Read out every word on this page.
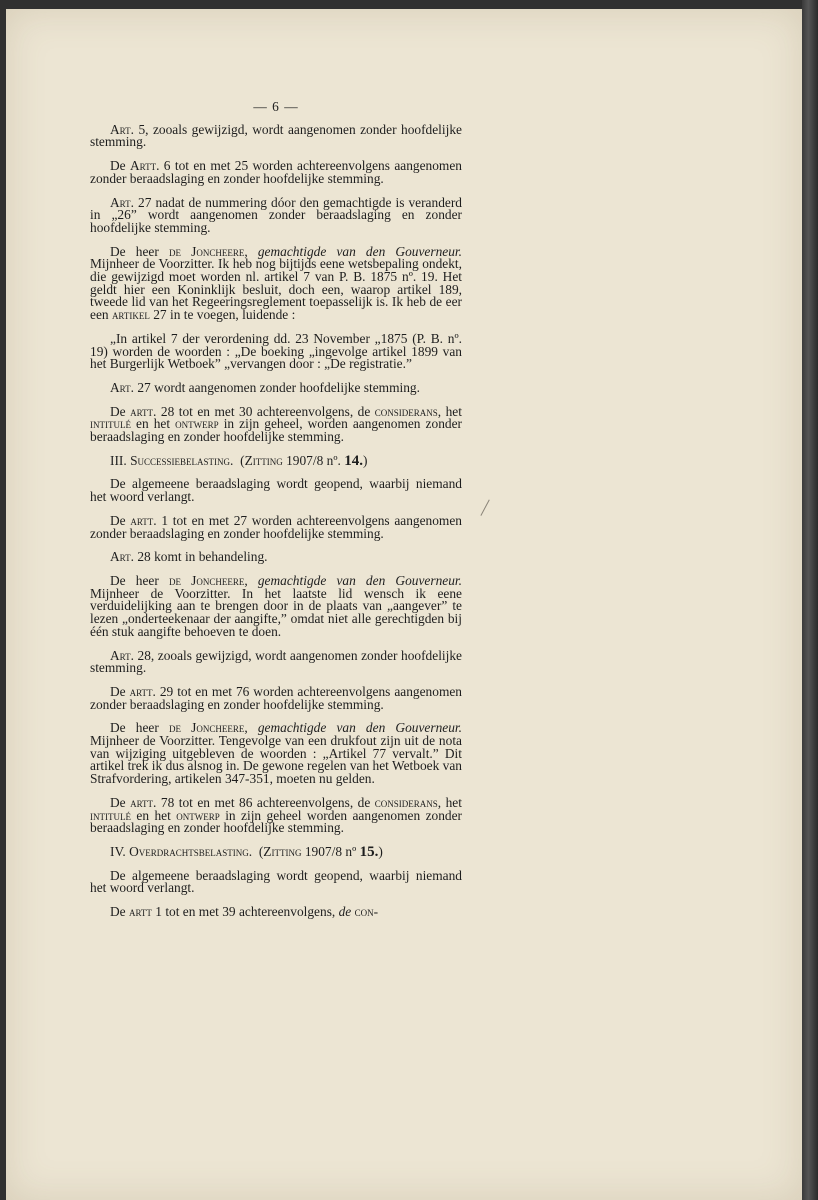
— 6 —

Art. 5, zooals gewijzigd, wordt aangenomen zonder hoofdelijke stemming.

De Artt. 6 tot en met 25 worden achtereenvolgens aangenomen zonder beraadslaging en zonder hoofdelijke stemming.

Art. 27 nadat de nummering dóor den gemachtigde is veranderd in „26” wordt aangenomen zonder beraadslaging en zonder hoofdelijke stemming.

De heer de Joncheere, gemachtigde van den Gouverneur. Mijnheer de Voorzitter. Ik heb nog bijtijds eene wetsbepaling ondekt, die gewijzigd moet worden nl. artikel 7 van P. B. 1875 nº. 19. Het geldt hier een Koninklijk besluit, doch een, waarop artikel 189, tweede lid van het Regeeringsreglement toepasselijk is. Ik heb de eer een artikel 27 in te voegen, luidende :

„In artikel 7 der verordening dd. 23 November „1875 (P. B. nº. 19) worden de woorden : „De boeking „ingevolge artikel 1899 van het Burgerlijk Wetboek” „vervangen door : „De registratie.”

Art. 27 wordt aangenomen zonder hoofdelijke stemming.

De artt. 28 tot en met 30 achtereenvolgens, de considerans, het intitulé en het ontwerp in zijn geheel, worden aangenomen zonder beraadslaging en zonder hoofdelijke stemming.

III. Successiebelasting. (Zitting 1907/8 nº. 14.)

De algemeene beraadslaging wordt geopend, waarbij niemand het woord verlangt.

De artt. 1 tot en met 27 worden achtereenvolgens aangenomen zonder beraadslaging en zonder hoofdelijke stemming.

Art. 28 komt in behandeling.

De heer de Joncheere, gemachtigde van den Gouverneur. Mijnheer de Voorzitter. In het laatste lid wensch ik eene verduidelijking aan te brengen door in de plaats van „aangever” te lezen „onderteekenaar der aangifte,” omdat niet alle gerechtigden bij één stuk aangifte behoeven te doen.

Art. 28, zooals gewijzigd, wordt aangenomen zonder hoofdelijke stemming.

De artt. 29 tot en met 76 worden achtereenvolgens aangenomen zonder beraadslaging en zonder hoofdelijke stemming.

De heer de Joncheere, gemachtigde van den Gouverneur. Mijnheer de Voorzitter. Tengevolge van een drukfout zijn uit de nota van wijziging uitgebleven de woorden : „Artikel 77 vervalt.” Dit artikel trek ik dus alsnog in. De gewone regelen van het Wetboek van Strafvordering, artikelen 347-351, moeten nu gelden.

De artt. 78 tot en met 86 achtereenvolgens, de considerans, het intitulé en het ontwerp in zijn geheel worden aangenomen zonder beraadslaging en zonder hoofdelijke stemming.

IV. Overdrachtsbelasting. (Zitting 1907/8 nº 15.)

De algemeene beraadslaging wordt geopend, waarbij niemand het woord verlangt.

De artt 1 tot en met 39 achtereenvolgens, de con-
